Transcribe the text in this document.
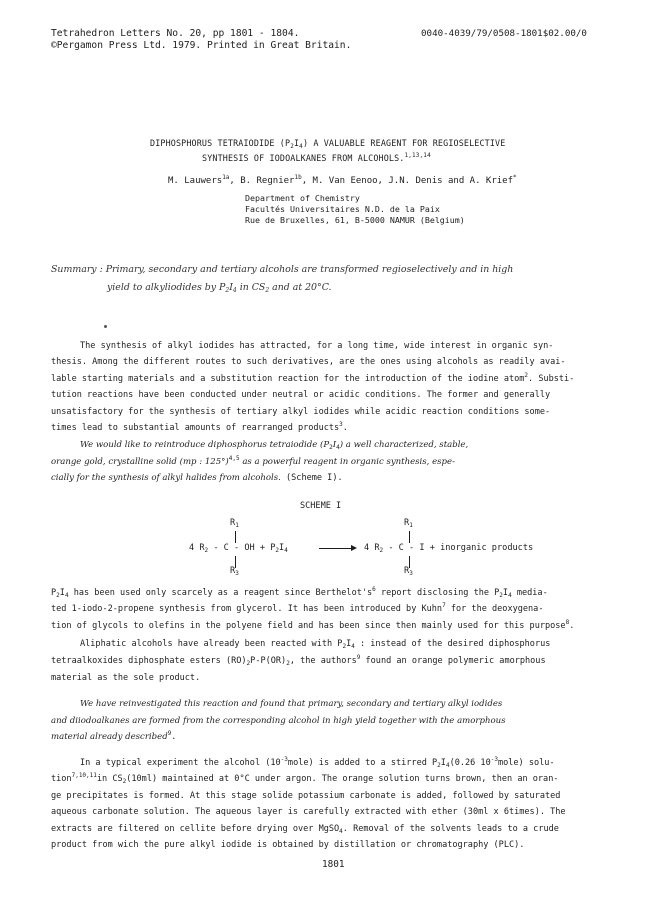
Tetrahedron Letters No. 20, pp 1801 - 1804.
©Pergamon Press Ltd. 1979. Printed in Great Britain.
0040-4039/79/0508-1801$02.00/0
DIPHOSPHORUS TETRAIODIDE $(P_2I_4)$ A VALUABLE REAGENT FOR REGIOSELECTIVE
SYNTHESIS OF IODOALKANES FROM ALCOHOLS.$^{1,13,14}$
M. Lauwers$^{1a}$, B. Regnier$^{1b}$, M. Van Eenoo, J.N. Denis and A. Krief*
Department of Chemistry
Facultés Universitaires N.D. de la Paix
Rue de Bruxelles, 61, B-5000 NAMUR (Belgium)
Summary : Primary, secondary and tertiary alcohols are transformed regioselectively and in high
yield to alkyliodides by $P_2I_4$ in $CS_2$ and at 20°C.
The synthesis of alkyl iodides has attracted, for a long time, wide interest in organic syn-
thesis. Among the different routes to such derivatives, are the ones using alcohols as readily avai-
lable starting materials and a substitution reaction for the introduction of the iodine atom$^2$. Substi-
tution reactions have been conducted under neutral or acidic conditions. The former and generally
unsatisfactory for the synthesis of tertiary alkyl iodides while acidic reaction conditions some-
times lead to substantial amounts of rearranged products$^3$.
We would like to reintroduce diphosphorus tetraiodide $(P_2I_4)$ a well characterized, stable,
orange gold, crystalline solid (mp : 125°)$^{4,5}$ as a powerful reagent in organic synthesis, espe-
cially for the synthesis of alkyl halides from alcohols. (Scheme I).
SCHEME I
$R_1$
4 $R_2$ - C - OH + $P_2I_4$
$R_3$
$R_1$
4 $R_2$ - C - I + inorganic products
$R_3$
$P_2I_4$ has been used only scarcely as a reagent since $Berthelot's^6$ report disclosing the $P_2I_4$ media-
ted 1-iodo-2-propene synthesis from glycerol. It has been introduced by Kuhn$^7$ for the deoxygena-
tion of glycols to olefins in the polyene field and has been since then mainly used for this purpose$^8$.
Aliphatic alcohols have already been reacted with $P_2I_4$ : instead of the desired diphosphorus
tetraalkoxides diphosphate esters $(RO)_2P-P(OR)_2$, the authors$^9$ found an orange polymeric amorphous
material as the sole product.
We have reinvestigated this reaction and found that primary, secondary and tertiary alkyl iodides
and diiodoalkanes are formed from the corresponding alcohol in high yield together with the amorphous
material already described$^9$.
In a typical experiment the alcohol $(10^{-3}mole)$ is added to a stirred $P_2I_4(0.26$ $10^{-3}mole$) solu-
tion$^{7,10,11}$in $CS_2(10ml)$ maintained at 0°C under argon. The orange solution turns brown, then an oran-
ge precipitates is formed. At this stage solide potassium carbonate is added, followed by saturated
aqueous carbonate solution. The aqueous layer is carefully extracted with ether (30ml x 6times). The
extracts are filtered on cellite before drying over MgSO$_4$. Removal of the solvents leads to a crude
product from wich the pure alkyl iodide is obtained by distillation or chromatography (PLC).
1801
